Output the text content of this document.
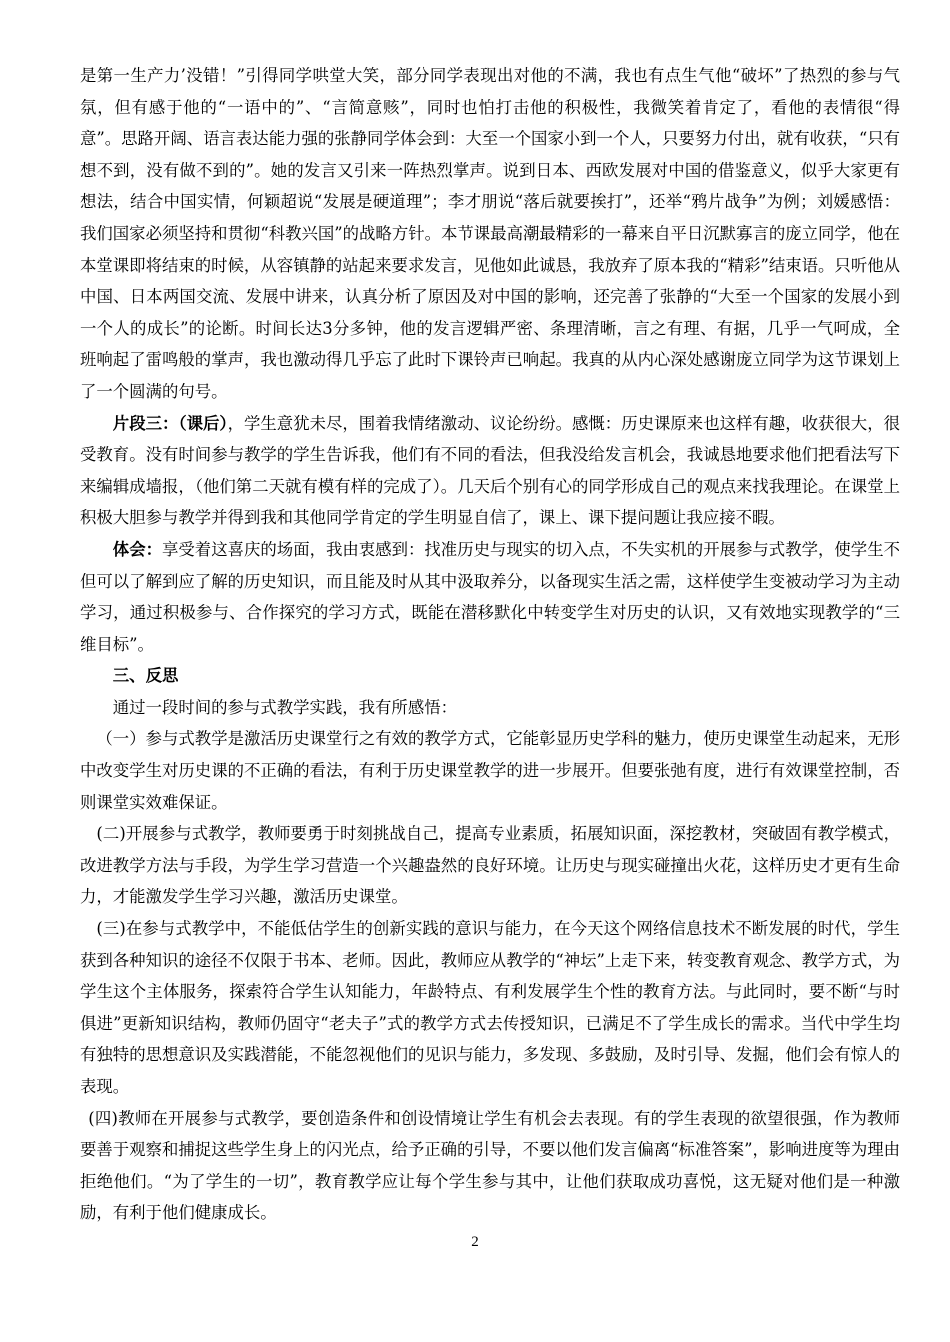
是第一生产力’没错！”引得同学哄堂大笑，部分同学表现出对他的不满，我也有点生气他“破坏”了热烈的参与气氛，但有感于他的“一语中的”、“言简意赅”，同时也怕打击他的积极性，我微笑着肯定了，看他的表情很“得意”。思路开阔、语言表达能力强的张静同学体会到：大至一个国家小到一个人，只要努力付出，就有收获，“只有想不到，没有做不到的”。她的发言又引来一阵热烈掌声。说到日本、西欧发展对中国的借鉴意义，似乎大家更有想法，结合中国实情，何颖超说“发展是硬道理”；李才朋说“落后就要挨打”，还举“鸦片战争”为例；刘媛感悟：我们国家必须坚持和贯彻“科教兴国”的战略方针。本节课最高潮最精彩的一幕来自平日沉默寡言的庞立同学，他在本堂课即将结束的时候，从容镇静的站起来要求发言，见他如此诚恳，我放弃了原本我的“精彩”结束语。只听他从中国、日本两国交流、发展中讲来，认真分析了原因及对中国的影响，还完善了张静的“大至一个国家的发展小到一个人的成长”的论断。时间长达3分多钟，他的发言逻辑严密、条理清晰，言之有理、有据，几乎一气呵成，全班响起了雷鸣般的掌声，我也激动得几乎忘了此时下课铃声已响起。我真的从内心深处感谢庞立同学为这节课划上了一个圆满的句号。

片段三：（课后），学生意犹未尽，围着我情绪激动、议论纷纷。感慨：历史课原来也这样有趣，收获很大，很受教育。没有时间参与教学的学生告诉我，他们有不同的看法，但我没给发言机会，我诚恳地要求他们把看法写下来编辑成墙报，（他们第二天就有模有样的完成了）。几天后个别有心的同学形成自己的观点来找我理论。在课堂上积极大胆参与教学并得到我和其他同学肯定的学生明显自信了，课上、课下提问题让我应接不暇。

体会：享受着这喜庆的场面，我由衷感到：找准历史与现实的切入点，不失实机的开展参与式教学，使学生不但可以了解到应了解的历史知识，而且能及时从其中汲取养分，以备现实生活之需，这样使学生变被动学习为主动学习，通过积极参与、合作探究的学习方式，既能在潜移默化中转变学生对历史的认识，又有效地实现教学的“三维目标”。

三、反思

通过一段时间的参与式教学实践，我有所感悟：

（一）参与式教学是激活历史课堂行之有效的教学方式，它能彰显历史学科的魅力，使历史课堂生动起来，无形中改变学生对历史课的不正确的看法，有利于历史课堂教学的进一步展开。但要张弛有度，进行有效课堂控制，否则课堂实效难保证。

(二)开展参与式教学，教师要勇于时刻挑战自己，提高专业素质，拓展知识面，深挖教材，突破固有教学模式，改进教学方法与手段，为学生学习营造一个兴趣盎然的良好环境。让历史与现实碰撞出火花，这样历史才更有生命力，才能激发学生学习兴趣，激活历史课堂。

(三)在参与式教学中，不能低估学生的创新实践的意识与能力，在今天这个网络信息技术不断发展的时代，学生获到各种知识的途径不仅限于书本、老师。因此，教师应从教学的“神坛”上走下来，转变教育观念、教学方式，为学生这个主体服务，探索符合学生认知能力，年龄特点、有利发展学生个性的教育方法。与此同时，要不断“与时俱进”更新知识结构，教师仍固守“老夫子”式的教学方式去传授知识，已满足不了学生成长的需求。当代中学生均有独特的思想意识及实践潜能，不能忽视他们的见识与能力，多发现、多鼓励，及时引导、发掘，他们会有惊人的表现。

(四)教师在开展参与式教学，要创造条件和创设情境让学生有机会去表现。有的学生表现的欲望很强，作为教师要善于观察和捕捉这些学生身上的闪光点，给予正确的引导，不要以他们发言偏离“标准答案”，影响进度等为理由拒绝他们。“为了学生的一切”，教育教学应让每个学生参与其中，让他们获取成功喜悦，这无疑对他们是一种激励，有利于他们健康成长。

2
